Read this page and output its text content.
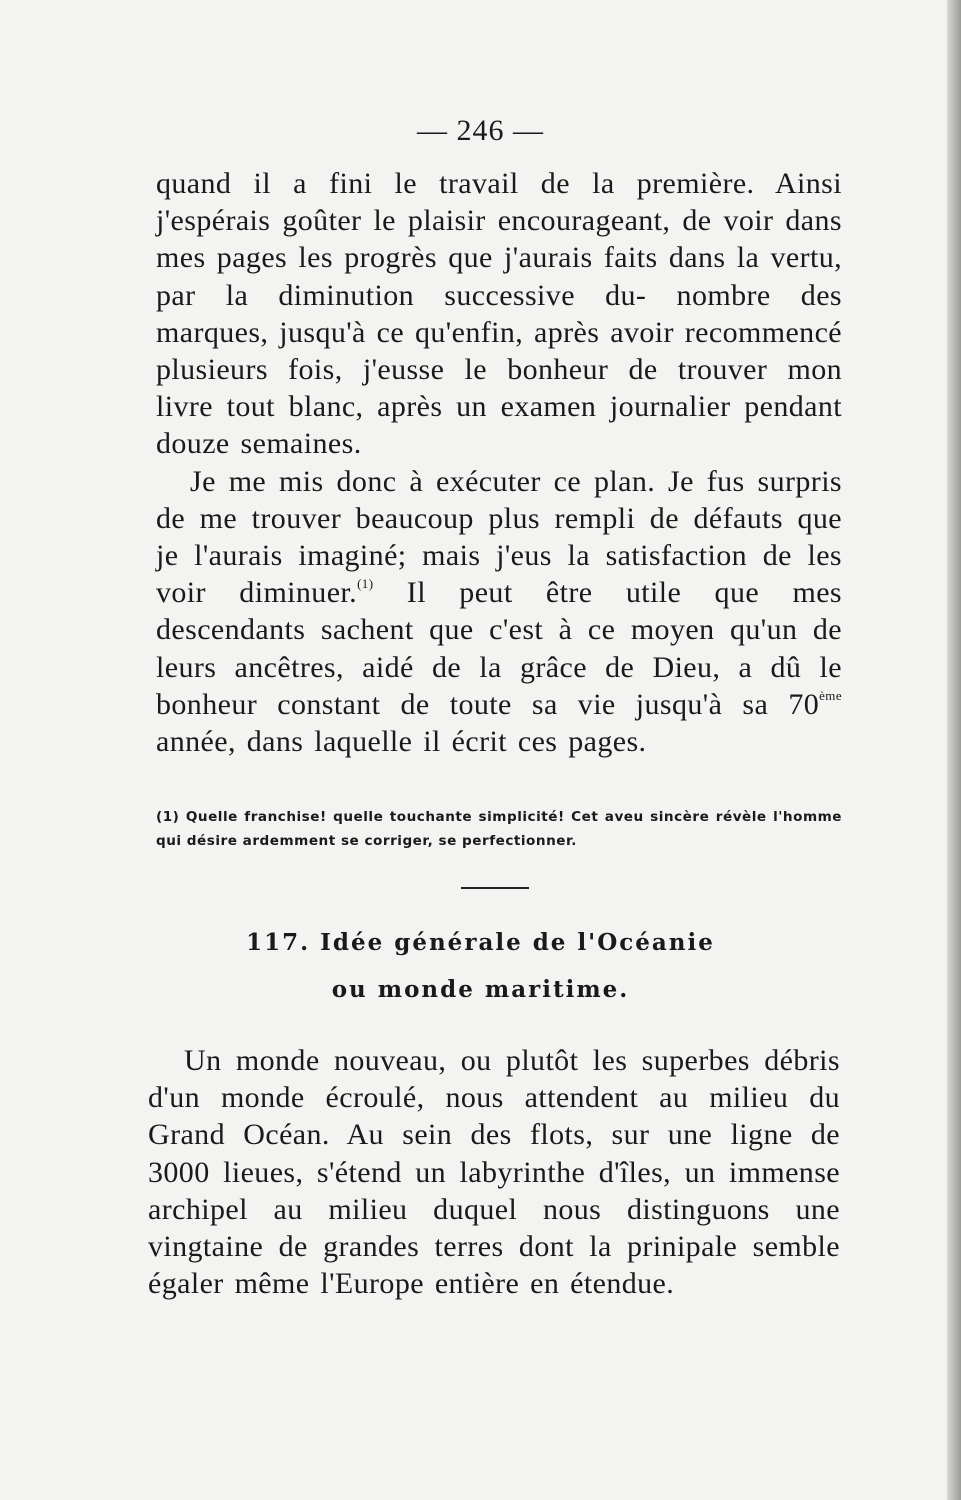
— 246 —

quand il a fini le travail de la première. Ainsi j'espérais goûter le plaisir encourageant, de voir dans mes pages les progrès que j'aurais faits dans la vertu, par la diminution successive du- nombre des marques, jusqu'à ce qu'enfin, après avoir recommencé plusieurs fois, j'eusse le bonheur de trouver mon livre tout blanc, après un examen journalier pendant douze semaines.

Je me mis donc à exécuter ce plan. Je fus surpris de me trouver beaucoup plus rempli de défauts que je l'aurais imaginé; mais j'eus la satisfaction de les voir diminuer.$^{(1)}$ Il peut être utile que mes descendants sachent que c'est à ce moyen qu'un de leurs ancêtres, aidé de la grâce de Dieu, a dû le bonheur constant de toute sa vie jusqu'à sa 70ème année, dans laquelle il écrit ces pages.

(1) Quelle franchise! quelle touchante simplicité! Cet aveu sincère révèle l'homme qui désire ardemment se corriger, se perfectionner.

117. Idée générale de l'Océanie
ou monde maritime.

Un monde nouveau, ou plutôt les superbes débris d'un monde écroulé, nous attendent au milieu du Grand Océan. Au sein des flots, sur une ligne de 3000 lieues, s'étend un labyrinthe d'îles, un immense archipel au milieu duquel nous distinguons une vingtaine de grandes terres dont la prinipale semble égaler même l'Europe entière en étendue.
